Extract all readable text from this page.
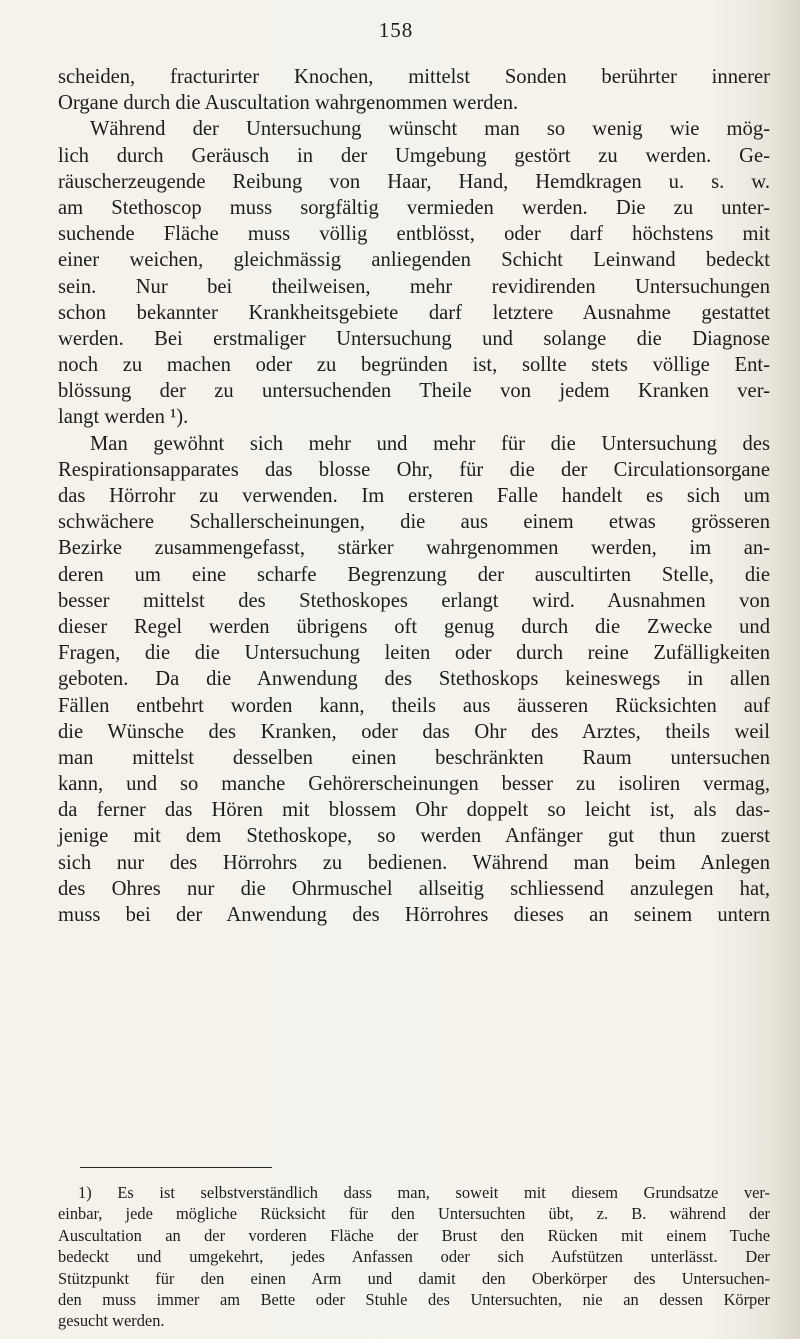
158
scheiden, fracturirter Knochen, mittelst Sonden berührter innerer
Organe durch die Auscultation wahrgenommen werden.
Während der Untersuchung wünscht man so wenig wie mög-
lich durch Geräusch in der Umgebung gestört zu werden. Ge-
räuscherzeugende Reibung von Haar, Hand, Hemdkragen u. s. w.
am Stethoscop muss sorgfältig vermieden werden. Die zu unter-
suchende Fläche muss völlig entblösst, oder darf höchstens mit
einer weichen, gleichmässig anliegenden Schicht Leinwand bedeckt
sein. Nur bei theilweisen, mehr revidirenden Untersuchungen
schon bekannter Krankheitsgebiete darf letztere Ausnahme gestattet
werden. Bei erstmaliger Untersuchung und solange die Diagnose
noch zu machen oder zu begründen ist, sollte stets völlige Ent-
blössung der zu untersuchenden Theile von jedem Kranken ver-
langt werden ¹).
Man gewöhnt sich mehr und mehr für die Untersuchung des
Respirationsapparates das blosse Ohr, für die der Circulationsorgane
das Hörrohr zu verwenden. Im ersteren Falle handelt es sich um
schwächere Schallerscheinungen, die aus einem etwas grösseren
Bezirke zusammengefasst, stärker wahrgenommen werden, im an-
deren um eine scharfe Begrenzung der auscultirten Stelle, die
besser mittelst des Stethoskopes erlangt wird. Ausnahmen von
dieser Regel werden übrigens oft genug durch die Zwecke und
Fragen, die die Untersuchung leiten oder durch reine Zufälligkeiten
geboten. Da die Anwendung des Stethoskops keineswegs in allen
Fällen entbehrt worden kann, theils aus äusseren Rücksichten auf
die Wünsche des Kranken, oder das Ohr des Arztes, theils weil
man mittelst desselben einen beschränkten Raum untersuchen
kann, und so manche Gehörerscheinungen besser zu isoliren vermag,
da ferner das Hören mit blossem Ohr doppelt so leicht ist, als das-
jenige mit dem Stethoskope, so werden Anfänger gut thun zuerst
sich nur des Hörrohrs zu bedienen. Während man beim Anlegen
des Ohres nur die Ohrmuschel allseitig schliessend anzulegen hat,
muss bei der Anwendung des Hörrohres dieses an seinem untern
1) Es ist selbstverständlich dass man, soweit mit diesem Grundsatze ver-
einbar, jede mögliche Rücksicht für den Untersuchten übt, z. B. während der
Auscultation an der vorderen Fläche der Brust den Rücken mit einem Tuche
bedeckt und umgekehrt, jedes Anfassen oder sich Aufstützen unterlässt. Der
Stützpunkt für den einen Arm und damit den Oberkörper des Untersuchen-
den muss immer am Bette oder Stuhle des Untersuchten, nie an dessen Körper
gesucht werden.
